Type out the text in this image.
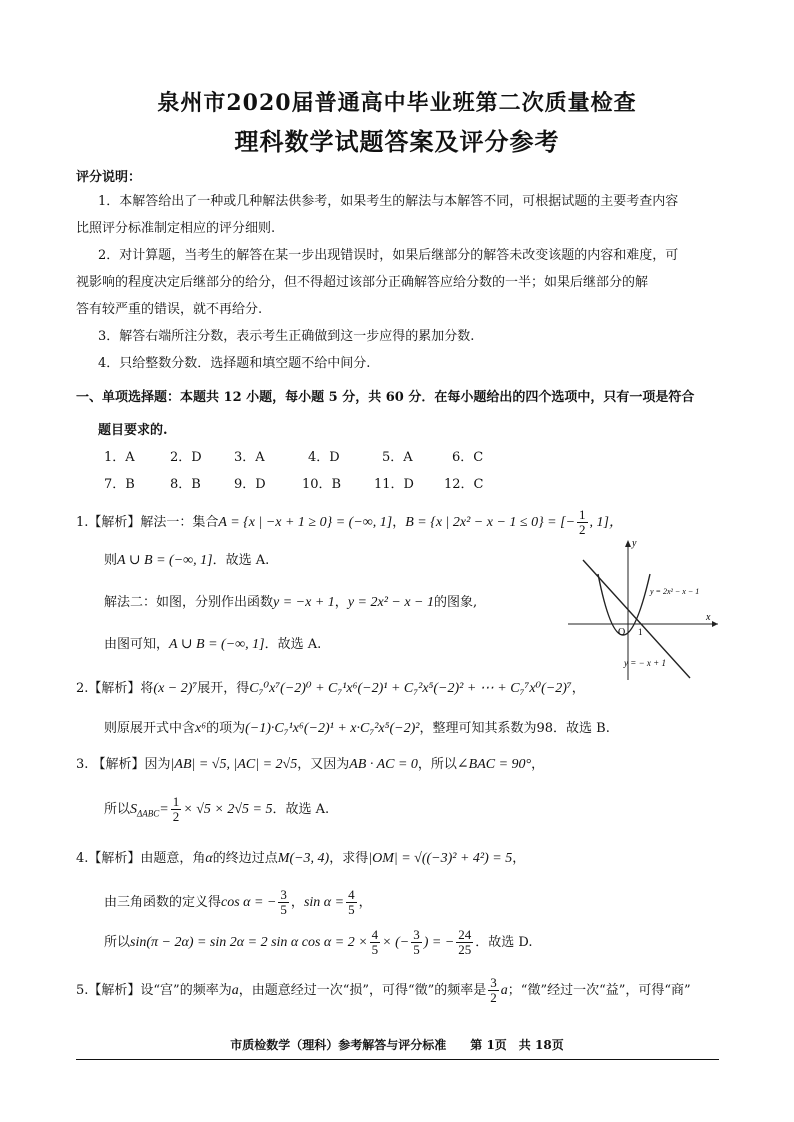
泉州市2020届普通高中毕业班第二次质量检查
理科数学试题答案及评分参考
评分说明：
1．本解答给出了一种或几种解法供参考，如果考生的解法与本解答不同，可根据试题的主要考查内容
比照评分标准制定相应的评分细则.
2．对计算题，当考生的解答在某一步出现错误时，如果后继部分的解答未改变该题的内容和难度，可
视影响的程度决定后继部分的给分，但不得超过该部分正确解答应给分数的一半；如果后继部分的解
答有较严重的错误，就不再给分.
3．解答右端所注分数，表示考生正确做到这一步应得的累加分数.
4．只给整数分数．选择题和填空题不给中间分.
一、单项选择题：本题共 12 小题，每小题 5 分，共 60 分．在每小题给出的四个选项中，只有一项是符合
题目要求的.
1．A	2．D 3．A	4．D	5．A	6．C
7．B	8．B	9．D	10．B	11．D 12．C
1.【解析】解法一：集合A = {x | −x + 1 ≥ 0} = (−∞, 1]，B = {x | 2x² − x − 1 ≤ 0} = [− $\frac{1}{2}$ , 1]，
则A ∪ B = (−∞, 1]．故选 A.
解法二：如图，分别作出函数y = −x + 1，y = 2x² − x − 1的图象,
由图可知，A ∪ B = (−∞, 1]．故选 A.
y
x
O 1
y = 2x² − x − 1
y = − x + 1
2.【解析】将(x − 2)⁷展开，得C₇⁰x⁷(−2)⁰ + C₇¹x⁶(−2)¹ + C₇²x⁵(−2)² + ⋯ + C₇⁷x⁰(−2)⁷，
则原展开式中含x⁶的项为(−1)·C₇¹x⁶(−2)¹ + x·C₇²x⁵(−2)²，整理可知其系数为98．故选 B.
3. 【解析】因为|AB| = √5, |AC| = 2√5，又因为AB · AC = 0，所以∠BAC = 90°，
所以$S_{\Delta ABC}= \frac{1}{2} \times √5 \times 2√5 = 5$．故选 A.
4.【解析】由题意，角α的终边过点M(−3, 4)，求得|OM| = √((−3)² + 4²) = 5，
由三角函数的定义得cos α = − $\frac{3}{5}$ ，$\sin \alpha = \frac{4}{5}$ ，
所以sin(π − 2α) = sin 2α = 2 sin α $\cos \alpha = 2 \times \frac{4}{5}$ × (− $\frac{3}{5}$ ) = − $\frac{24}{25}$ ．故选 D.
5.【解析】设“宫”的频率为a，由题意经过一次“损”，可得“徵”的频率是 $\frac{3}{2}$ a；“徵”经过一次“益”，可得“商”
市质检数学（理科）参考解答与评分标准　　第 1页　共 18页
